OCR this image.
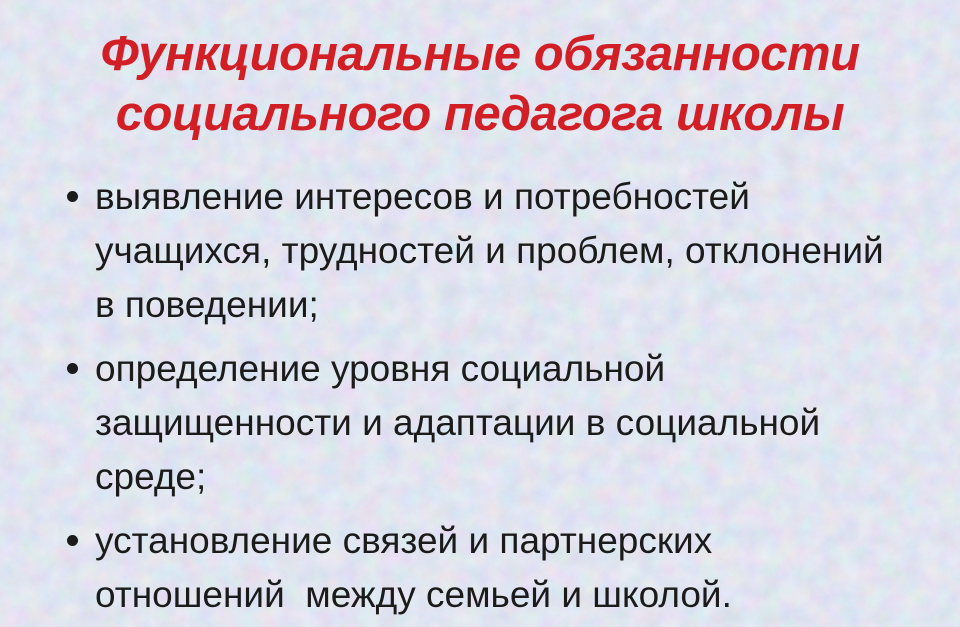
Функциональные обязанности
социального педагога школы
выявление интересов и потребностей учащихся, трудностей и проблем, отклонений в поведении;
определение уровня социальной защищенности и адаптации в социальной среде;
установление связей и партнерских отношений  между семьей и школой.
